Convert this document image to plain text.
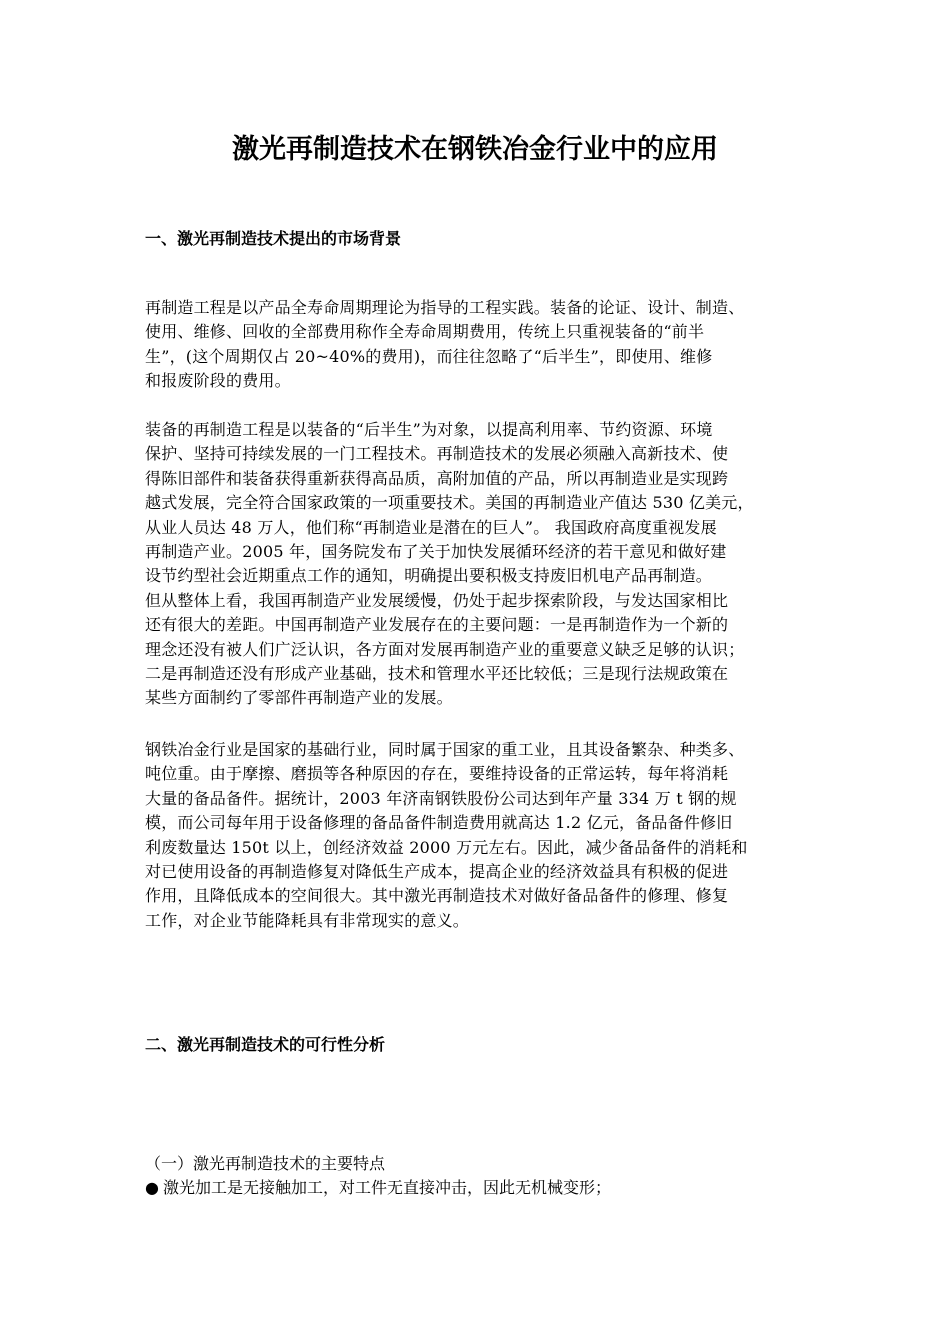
激光再制造技术在钢铁冶金行业中的应用
一、激光再制造技术提出的市场背景
再制造工程是以产品全寿命周期理论为指导的工程实践。装备的论证、设计、制造、
使用、维修、回收的全部费用称作全寿命周期费用，传统上只重视装备的“前半
生”，(这个周期仅占 20~40%的费用)，而往往忽略了“后半生”，即使用、维修
和报废阶段的费用。
装备的再制造工程是以装备的“后半生”为对象，以提高利用率、节约资源、环境
保护、坚持可持续发展的一门工程技术。再制造技术的发展必须融入高新技术、使
得陈旧部件和装备获得重新获得高品质，高附加值的产品，所以再制造业是实现跨
越式发展，完全符合国家政策的一项重要技术。美国的再制造业产值达 530 亿美元，
从业人员达 48 万人，他们称“再制造业是潜在的巨人”。 我国政府高度重视发展
再制造产业。2005 年，国务院发布了关于加快发展循环经济的若干意见和做好建
设节约型社会近期重点工作的通知，明确提出要积极支持废旧机电产品再制造。
但从整体上看，我国再制造产业发展缓慢，仍处于起步探索阶段，与发达国家相比
还有很大的差距。中国再制造产业发展存在的主要问题：一是再制造作为一个新的
理念还没有被人们广泛认识，各方面对发展再制造产业的重要意义缺乏足够的认识；
二是再制造还没有形成产业基础，技术和管理水平还比较低；三是现行法规政策在
某些方面制约了零部件再制造产业的发展。
钢铁冶金行业是国家的基础行业，同时属于国家的重工业，且其设备繁杂、种类多、
吨位重。由于摩擦、磨损等各种原因的存在，要维持设备的正常运转，每年将消耗
大量的备品备件。据统计，2003 年济南钢铁股份公司达到年产量 334 万 t 钢的规
模，而公司每年用于设备修理的备品备件制造费用就高达 1.2 亿元，备品备件修旧
利废数量达 150t 以上，创经济效益 2000 万元左右。因此，减少备品备件的消耗和
对已使用设备的再制造修复对降低生产成本，提高企业的经济效益具有积极的促进
作用，且降低成本的空间很大。其中激光再制造技术对做好备品备件的修理、修复
工作，对企业节能降耗具有非常现实的意义。
二、激光再制造技术的可行性分析
（一）激光再制造技术的主要特点
● 激光加工是无接触加工，对工件无直接冲击，因此无机械变形；
